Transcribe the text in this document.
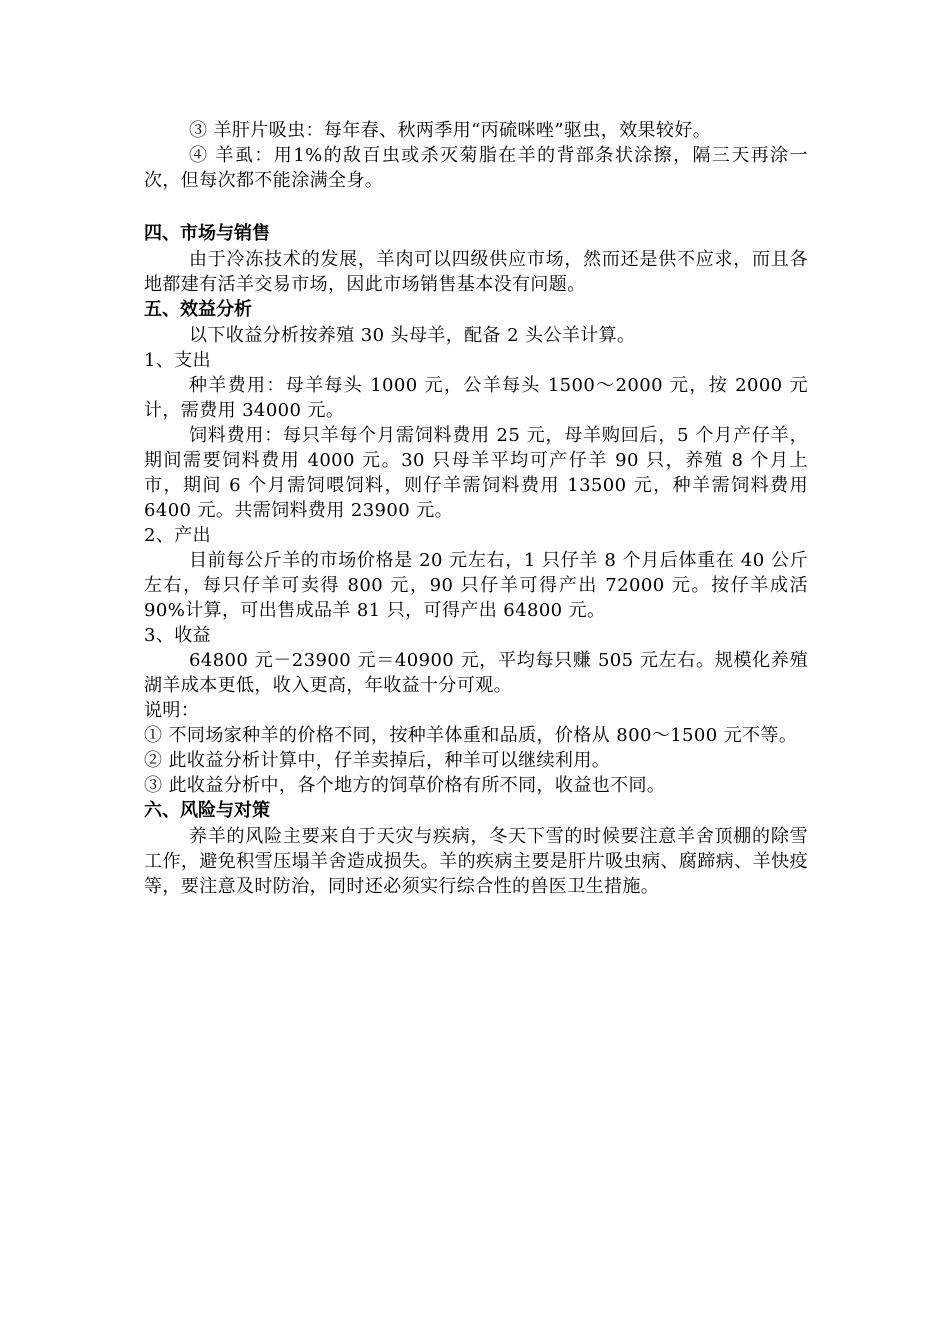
③ 羊肝片吸虫：每年春、秋两季用“丙硫咪唑”驱虫，效果较好。

④ 羊虱：用1%的敌百虫或杀灭菊脂在羊的背部条状涂擦，隔三天再涂一次，但每次都不能涂满全身。

四、市场与销售

由于冷冻技术的发展，羊肉可以四级供应市场，然而还是供不应求，而且各地都建有活羊交易市场，因此市场销售基本没有问题。

五、效益分析

以下收益分析按养殖 30 头母羊，配备 2 头公羊计算。

1、支出

种羊费用：母羊每头 1000 元，公羊每头 1500～2000 元，按 2000 元计，需费用 34000 元。

饲料费用：每只羊每个月需饲料费用 25 元，母羊购回后，5 个月产仔羊，期间需要饲料费用 4000 元。30 只母羊平均可产仔羊 90 只，养殖 8 个月上市，期间 6 个月需饲喂饲料，则仔羊需饲料费用 13500 元，种羊需饲料费用 6400 元。共需饲料费用 23900 元。

2、产出

目前每公斤羊的市场价格是 20 元左右，1 只仔羊 8 个月后体重在 40 公斤左右，每只仔羊可卖得 800 元，90 只仔羊可得产出 72000 元。按仔羊成活 90%计算，可出售成品羊 81 只，可得产出 64800 元。

3、收益

64800 元－23900 元＝40900 元，平均每只赚 505 元左右。规模化养殖湖羊成本更低，收入更高，年收益十分可观。

说明：

① 不同场家种羊的价格不同，按种羊体重和品质，价格从 800～1500 元不等。

② 此收益分析计算中，仔羊卖掉后，种羊可以继续利用。

③ 此收益分析中，各个地方的饲草价格有所不同，收益也不同。

六、风险与对策

养羊的风险主要来自于天灾与疾病，冬天下雪的时候要注意羊舍顶棚的除雪工作，避免积雪压塌羊舍造成损失。羊的疾病主要是肝片吸虫病、腐蹄病、羊快疫等，要注意及时防治，同时还必须实行综合性的兽医卫生措施。
